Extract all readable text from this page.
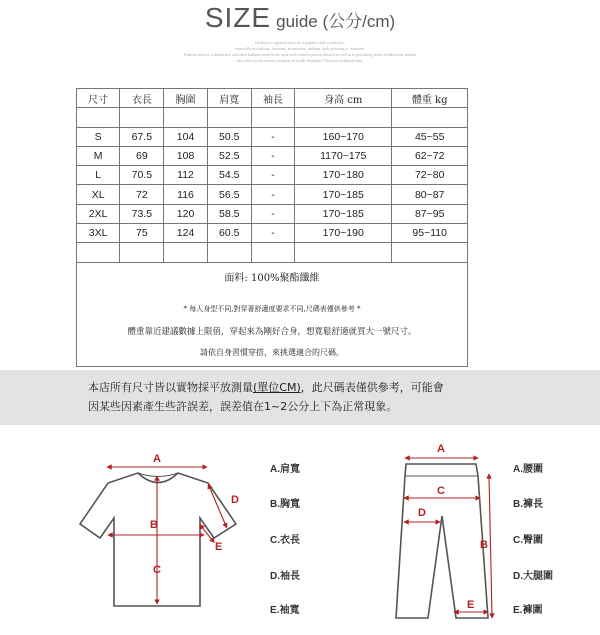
SIZE guide (公分/cm)
Fashion is a general term for a popular style or practice,
especially in clothing, footwear, accessories, makeup, body piercing or furniture.
Fashion refers to a distinctive and often habitual trend in the style with which a person dresses as well as to prevailing styles in behaviour fashion
also refers to the newest creations of textile designers The more technical term.
尺寸	衣長	胸圍	肩寬	袖長	身高 cm	體重 kg

S	67.5	104	50.5	-	160~170	45~55
M	69	108	52.5	-	1170~175	62~72
L	70.5	112	54.5	-	170~180	72~80
XL	72	116	56.5	-	170~185	80~87
2XL	73.5	120	58.5	-	170~185	87~95
3XL	75	124	60.5	-	170~190	95~110

面料: 100%聚酯纖維
* 每人身型不同,對穿著舒適度要求不同,尺碼表僅供參考 *
體重靠近建議數據上限值，穿起來為剛好合身，想寬鬆舒適就買大一號尺寸。
請依自身習慣穿搭，來挑選適合的尺碼。						

本店所有尺寸皆以實物採平放測量(單位CM)，此尺碼表僅供參考，可能會

因某些因素產生些許誤差，誤差值在1~2公分上下為正常現象。

A
B
C
D
E
A
C
D
B
E
A.肩寬
B.胸寬
C.衣長
D.袖長
E.袖寬
A.腰圍
B.褲長
C.臀圍
D.大腿圍
E.褲圍
